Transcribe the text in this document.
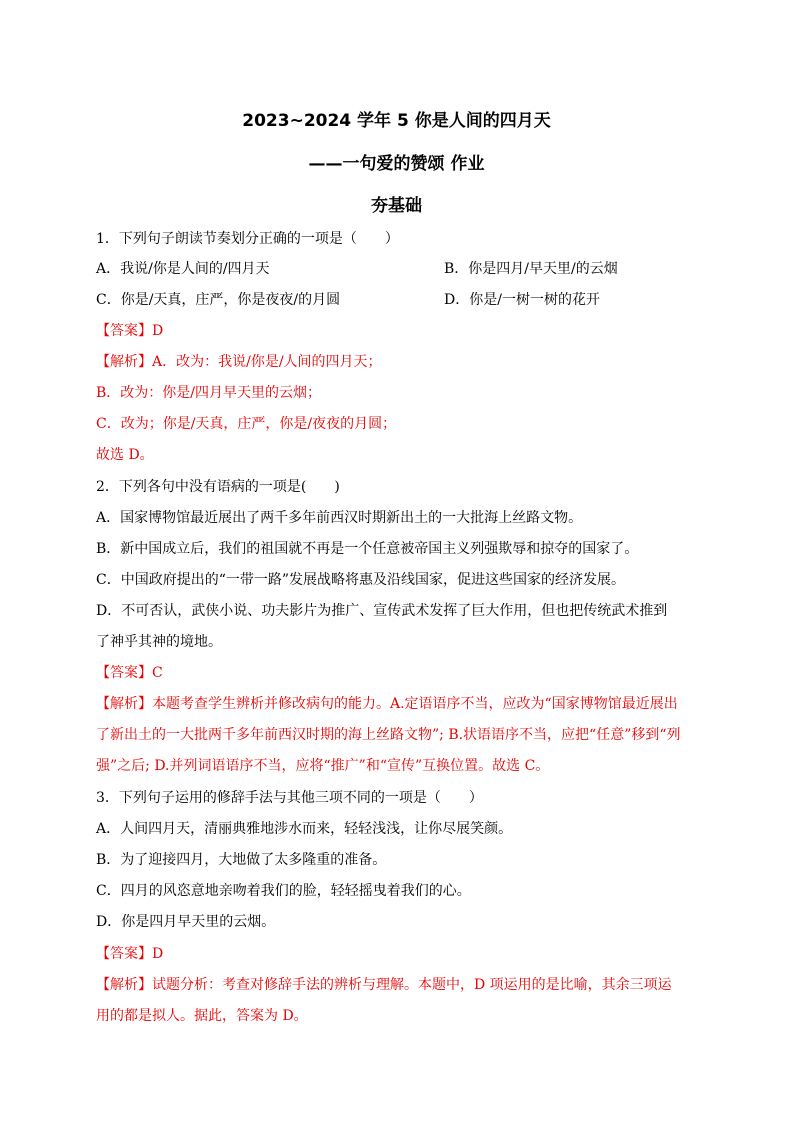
2023~2024 学年 5 你是人间的四月天
——一句爱的赞颂 作业
夯基础
1．下列句子朗读节奏划分正确的一项是（　　）
A．我说/你是人间的/四月天	B．你是四月/早天里/的云烟
C．你是/天真，庄严，你是夜夜/的月圆	D．你是/一树一树的花开
【答案】D
【解析】A．改为：我说/你是/人间的四月天；
B．改为：你是/四月早天里的云烟；
C．改为；你是/天真，庄严，你是/夜夜的月圆；
故选 D。
2．下列各句中没有语病的一项是(　　)
A．国家博物馆最近展出了两千多年前西汉时期新出土的一大批海上丝路文物。
B．新中国成立后，我们的祖国就不再是一个任意被帝国主义列强欺辱和掠夺的国家了。
C．中国政府提出的“一带一路”发展战略将惠及沿线国家，促进这些国家的经济发展。
D．不可否认，武侠小说、功夫影片为推广、宣传武术发挥了巨大作用，但也把传统武术推到
了神乎其神的境地。
【答案】C
【解析】本题考查学生辨析并修改病句的能力。A.定语语序不当，应改为“国家博物馆最近展出
了新出土的一大批两千多年前西汉时期的海上丝路文物”; B.状语语序不当，应把“任意”移到“列
强”之后; D.并列词语语序不当，应将“推广”和“宣传”互换位置。故选 C。
3．下列句子运用的修辞手法与其他三项不同的一项是（　　）
A．人间四月天，清丽典雅地涉水而来，轻轻浅浅，让你尽展笑颜。
B．为了迎接四月，大地做了太多隆重的准备。
C．四月的风恣意地亲吻着我们的脸，轻轻摇曳着我们的心。
D．你是四月早天里的云烟。
【答案】D
【解析】试题分析：考查对修辞手法的辨析与理解。本题中，D 项运用的是比喻，其余三项运
用的都是拟人。据此，答案为 D。
